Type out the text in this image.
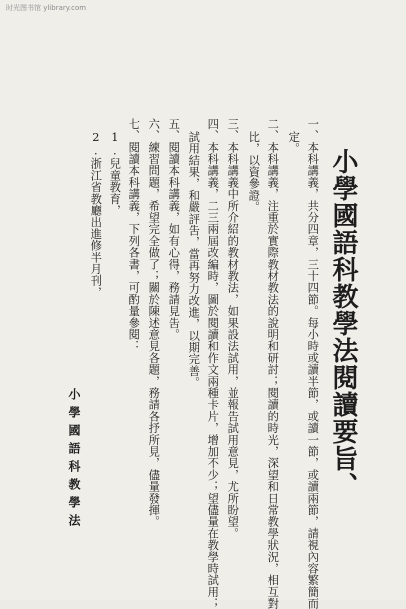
时光图书馆 ylibrary.com
小學國語科教學法閱讀要旨、
一、本科講義，共分四章，三十四節。每小時或讀半節，或讀一節，或讀兩節，請視內容繁簡而
定。
二、本科講義，注重於實際教材教法的說明和研討；閱讀的時光，深望和日常教學狀況，相互對
比，以資參證。
三、本科講義中所介紹的教材教法，如果設法試用，並報告試用意見，尤所盼望。
四、本科講義，二三兩屆改編時，圖於閱讀和作文兩種卡片，增加不少；望儘量在教學時試用；
試用結果，和嚴評吿，當再努力改進，以期完善。
五、閱讀本科講義，如有心得，務請見吿。
六、練習問題，希望完全做了；關於陳述意見各題，務請各抒所見，儘量發揮。
七、閱讀本科講義，下列各書，可酌量參閱：
1.兒童教育，
2.浙江省教廳出進修半月刊，
小學國語科教學法
